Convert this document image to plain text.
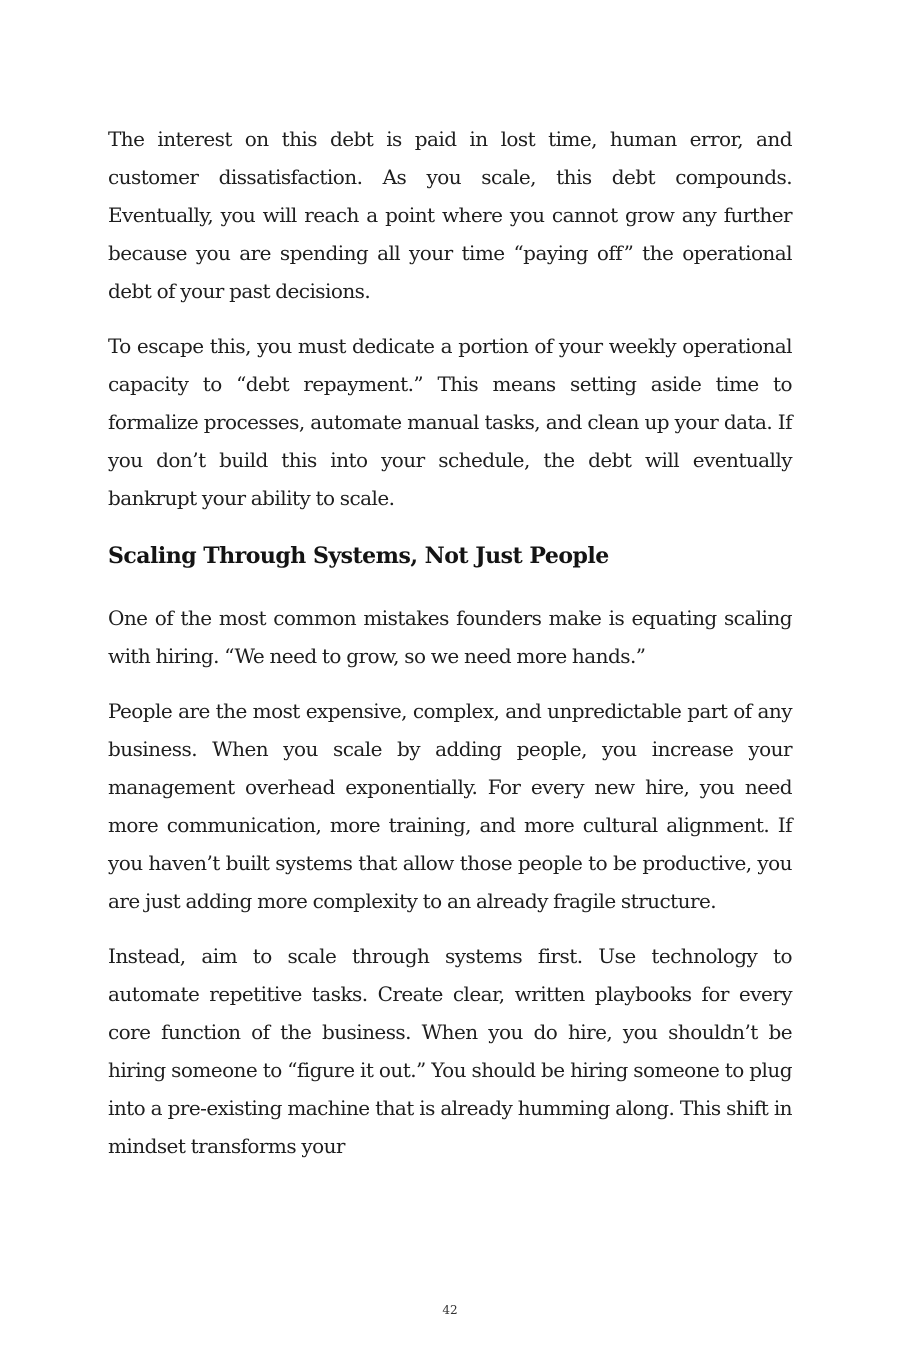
The interest on this debt is paid in lost time, human error, and customer dissatisfaction. As you scale, this debt compounds. Eventually, you will reach a point where you cannot grow any further because you are spending all your time “paying off” the operational debt of your past decisions.

To escape this, you must dedicate a portion of your weekly operational capacity to “debt repayment.” This means setting aside time to formalize processes, automate manual tasks, and clean up your data. If you don’t build this into your schedule, the debt will eventually bankrupt your ability to scale.

Scaling Through Systems, Not Just People

One of the most common mistakes founders make is equating scaling with hiring. “We need to grow, so we need more hands.”

People are the most expensive, complex, and unpredictable part of any business. When you scale by adding people, you increase your management overhead exponentially. For every new hire, you need more communication, more training, and more cultural alignment. If you haven’t built systems that allow those people to be productive, you are just adding more complexity to an already fragile structure.

Instead, aim to scale through systems first. Use technology to automate repetitive tasks. Create clear, written playbooks for every core function of the business. When you do hire, you shouldn’t be hiring someone to “figure it out.” You should be hiring someone to plug into a pre-existing machine that is already humming along. This shift in mindset transforms your

42
